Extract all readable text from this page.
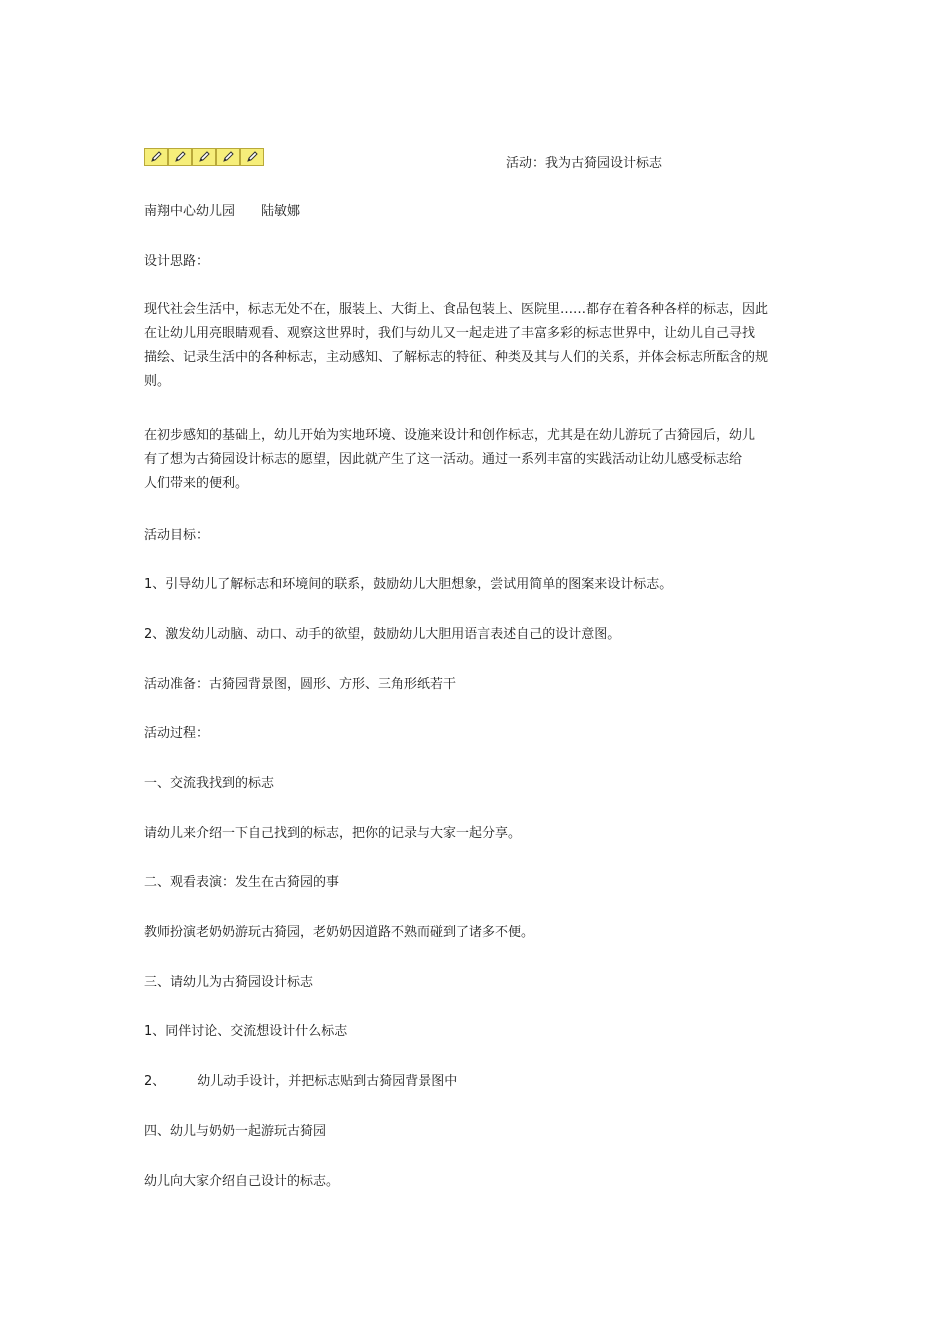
活动：我为古猗园设计标志
南翔中心幼儿园 陆敏娜
设计思路：
现代社会生活中，标志无处不在，服装上、大街上、食品包装上、医院里……都存在着各种各样的标志，因此
在让幼儿用亮眼睛观看、观察这世界时，我们与幼儿又一起走进了丰富多彩的标志世界中，让幼儿自己寻找
描绘、记录生活中的各种标志，主动感知、了解标志的特征、种类及其与人们的关系，并体会标志所酝含的规
则。
在初步感知的基础上，幼儿开始为实地环境、设施来设计和创作标志，尤其是在幼儿游玩了古猗园后，幼儿
有了想为古猗园设计标志的愿望，因此就产生了这一活动。通过一系列丰富的实践活动让幼儿感受标志给
人们带来的便利。
活动目标：
1、引导幼儿了解标志和环境间的联系，鼓励幼儿大胆想象，尝试用简单的图案来设计标志。
2、激发幼儿动脑、动口、动手的欲望，鼓励幼儿大胆用语言表述自己的设计意图。
活动准备：古猗园背景图，圆形、方形、三角形纸若干
活动过程：
一、交流我找到的标志
请幼儿来介绍一下自己找到的标志，把你的记录与大家一起分享。
二、观看表演：发生在古猗园的事
教师扮演老奶奶游玩古猗园，老奶奶因道路不熟而碰到了诸多不便。
三、请幼儿为古猗园设计标志
1、同伴讨论、交流想设计什么标志
2、 幼儿动手设计，并把标志贴到古猗园背景图中
四、幼儿与奶奶一起游玩古猗园
幼儿向大家介绍自己设计的标志。
